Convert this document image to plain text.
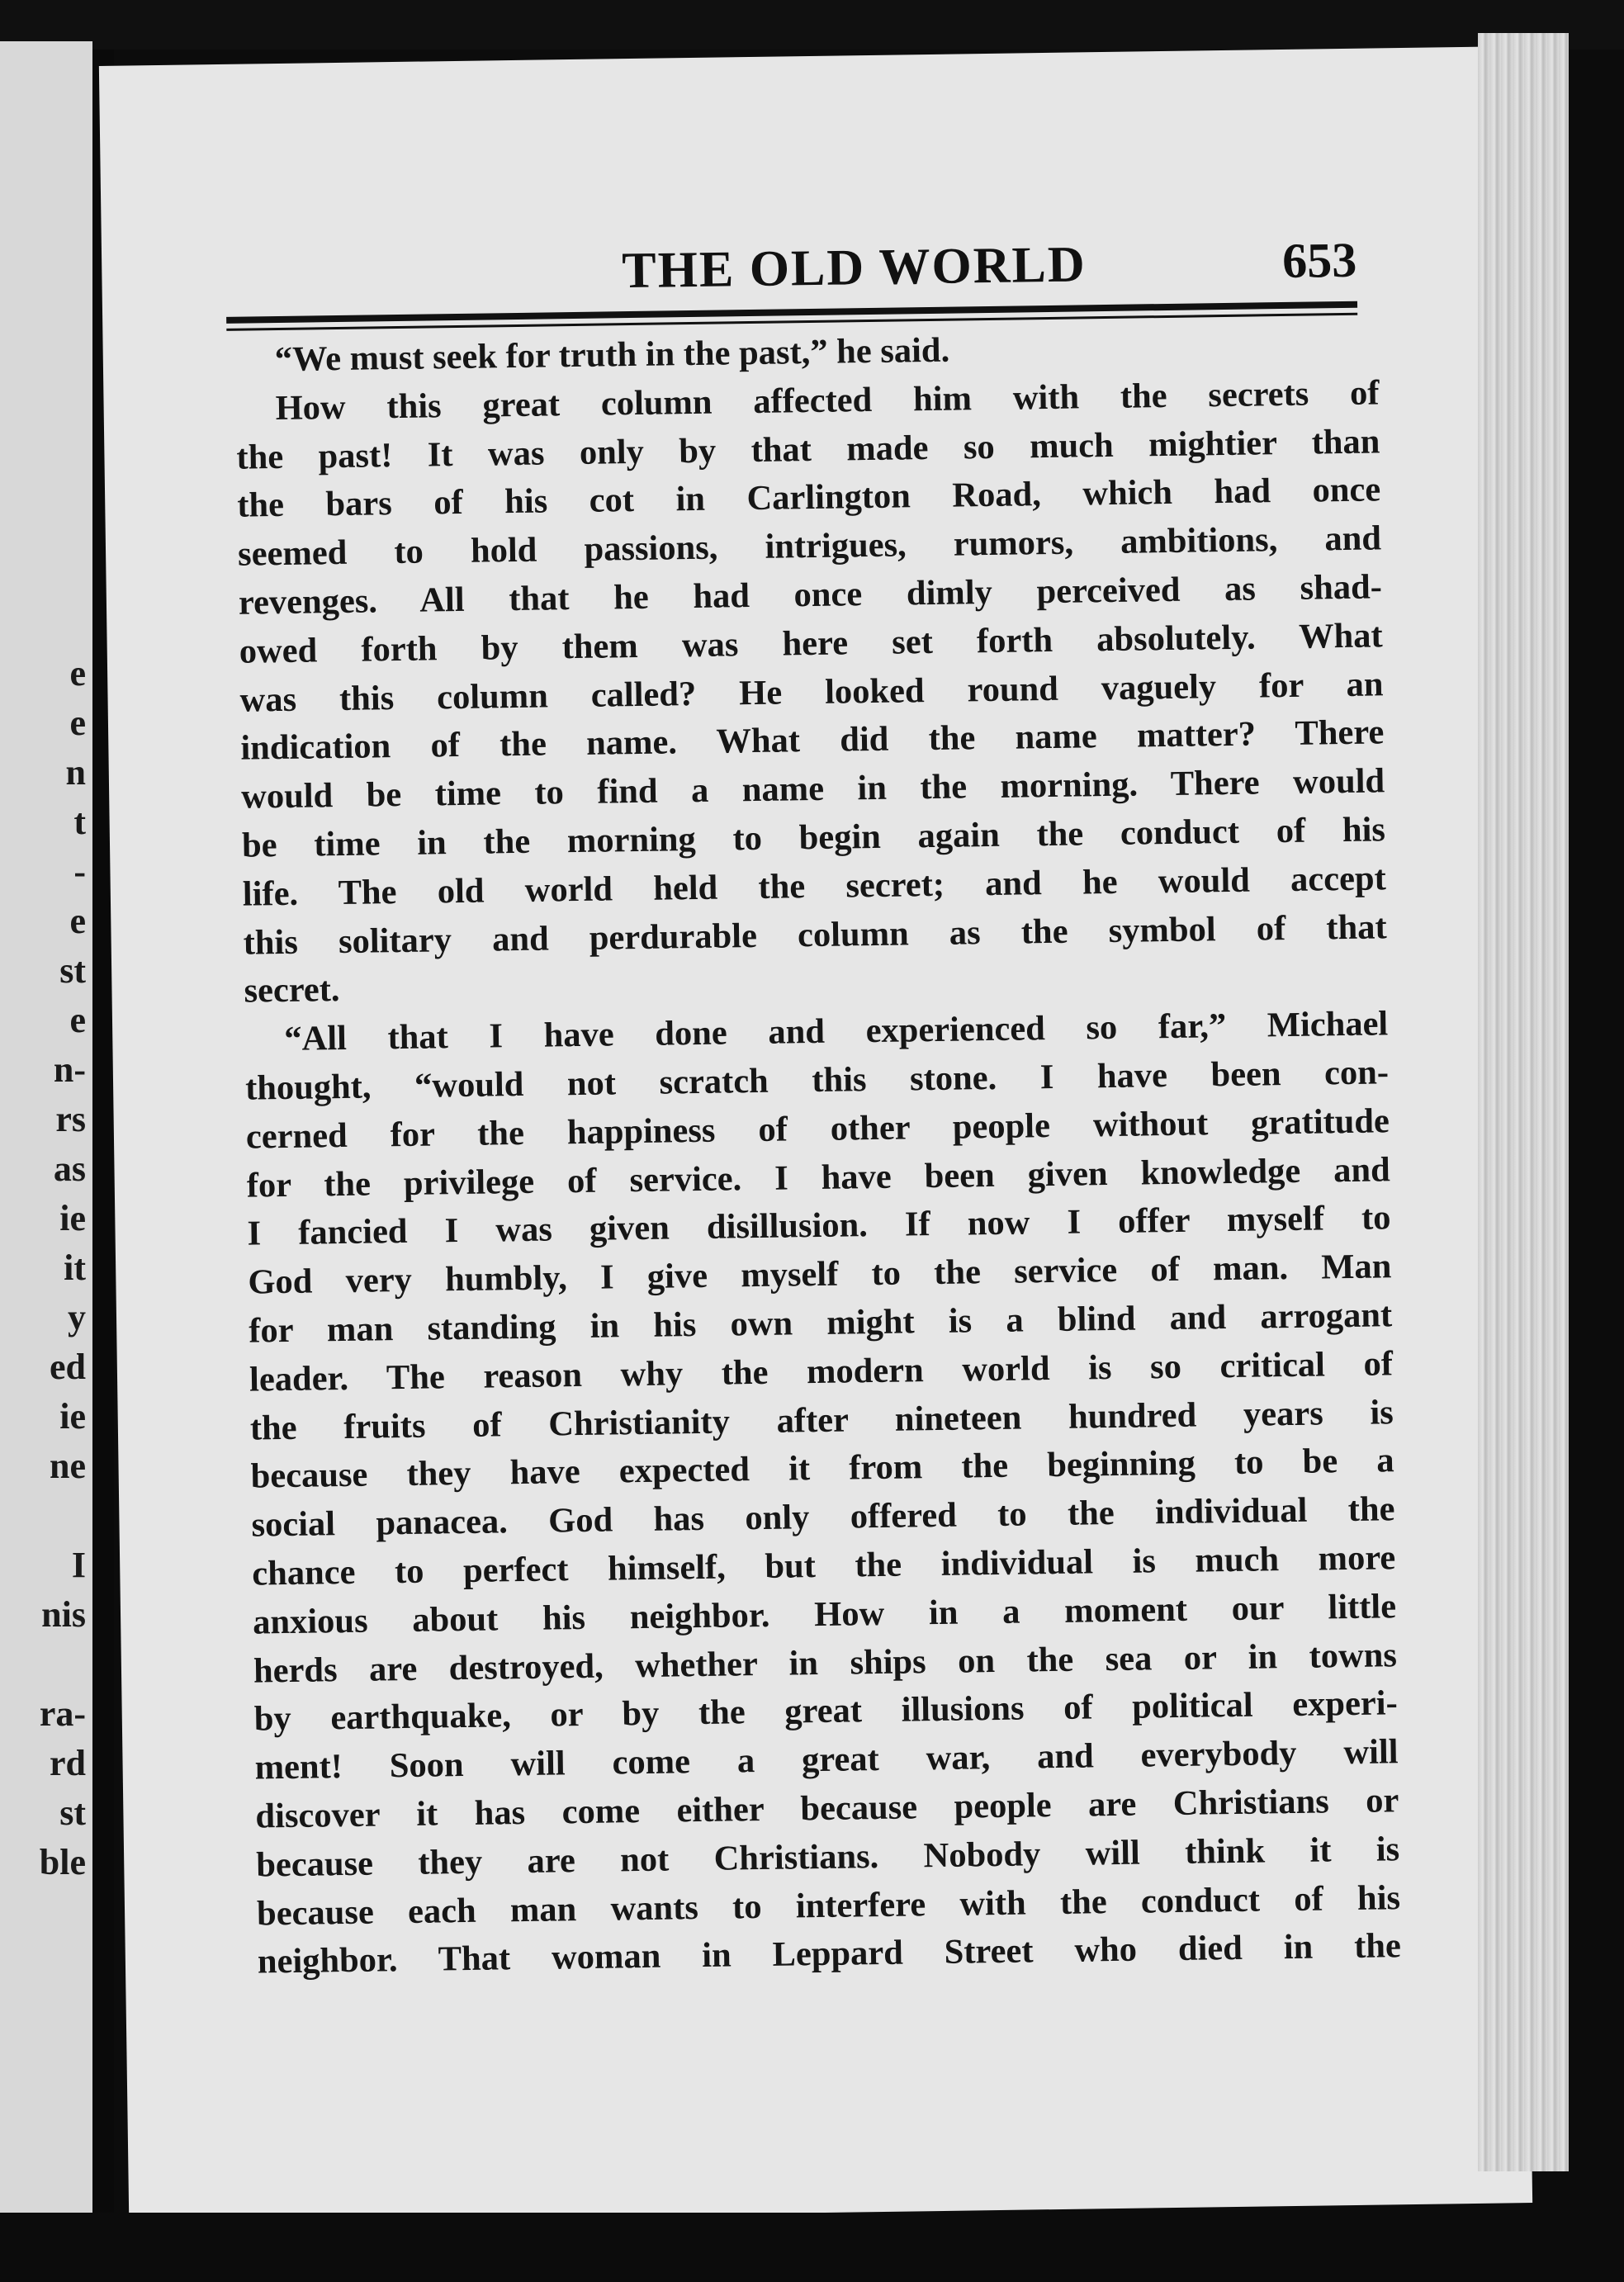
e
e
n
t
-
e
st
e
n-
rs
as
ie
it
y
ed
ie
ne
I
nis
ra-
rd
st
ble
THE OLD WORLD	653
“We must seek for truth in the past,” he said.
How this great column affected him with the secrets of
the past! It was only by that made so much mightier than
the bars of his cot in Carlington Road, which had once
seemed to hold passions, intrigues, rumors, ambitions, and
revenges. All that he had once dimly perceived as shad-
owed forth by them was here set forth absolutely. What
was this column called? He looked round vaguely for an
indication of the name. What did the name matter? There
would be time to find a name in the morning. There would
be time in the morning to begin again the conduct of his
life. The old world held the secret; and he would accept
this solitary and perdurable column as the symbol of that
secret.
“All that I have done and experienced so far,” Michael
thought, “would not scratch this stone. I have been con-
cerned for the happiness of other people without gratitude
for the privilege of service. I have been given knowledge and
I fancied I was given disillusion. If now I offer myself to
God very humbly, I give myself to the service of man. Man
for man standing in his own might is a blind and arrogant
leader. The reason why the modern world is so critical of
the fruits of Christianity after nineteen hundred years is
because they have expected it from the beginning to be a
social panacea. God has only offered to the individual the
chance to perfect himself, but the individual is much more
anxious about his neighbor. How in a moment our little
herds are destroyed, whether in ships on the sea or in towns
by earthquake, or by the great illusions of political experi-
ment! Soon will come a great war, and everybody will
discover it has come either because people are Christians or
because they are not Christians. Nobody will think it is
because each man wants to interfere with the conduct of his
neighbor. That woman in Leppard Street who died in the
